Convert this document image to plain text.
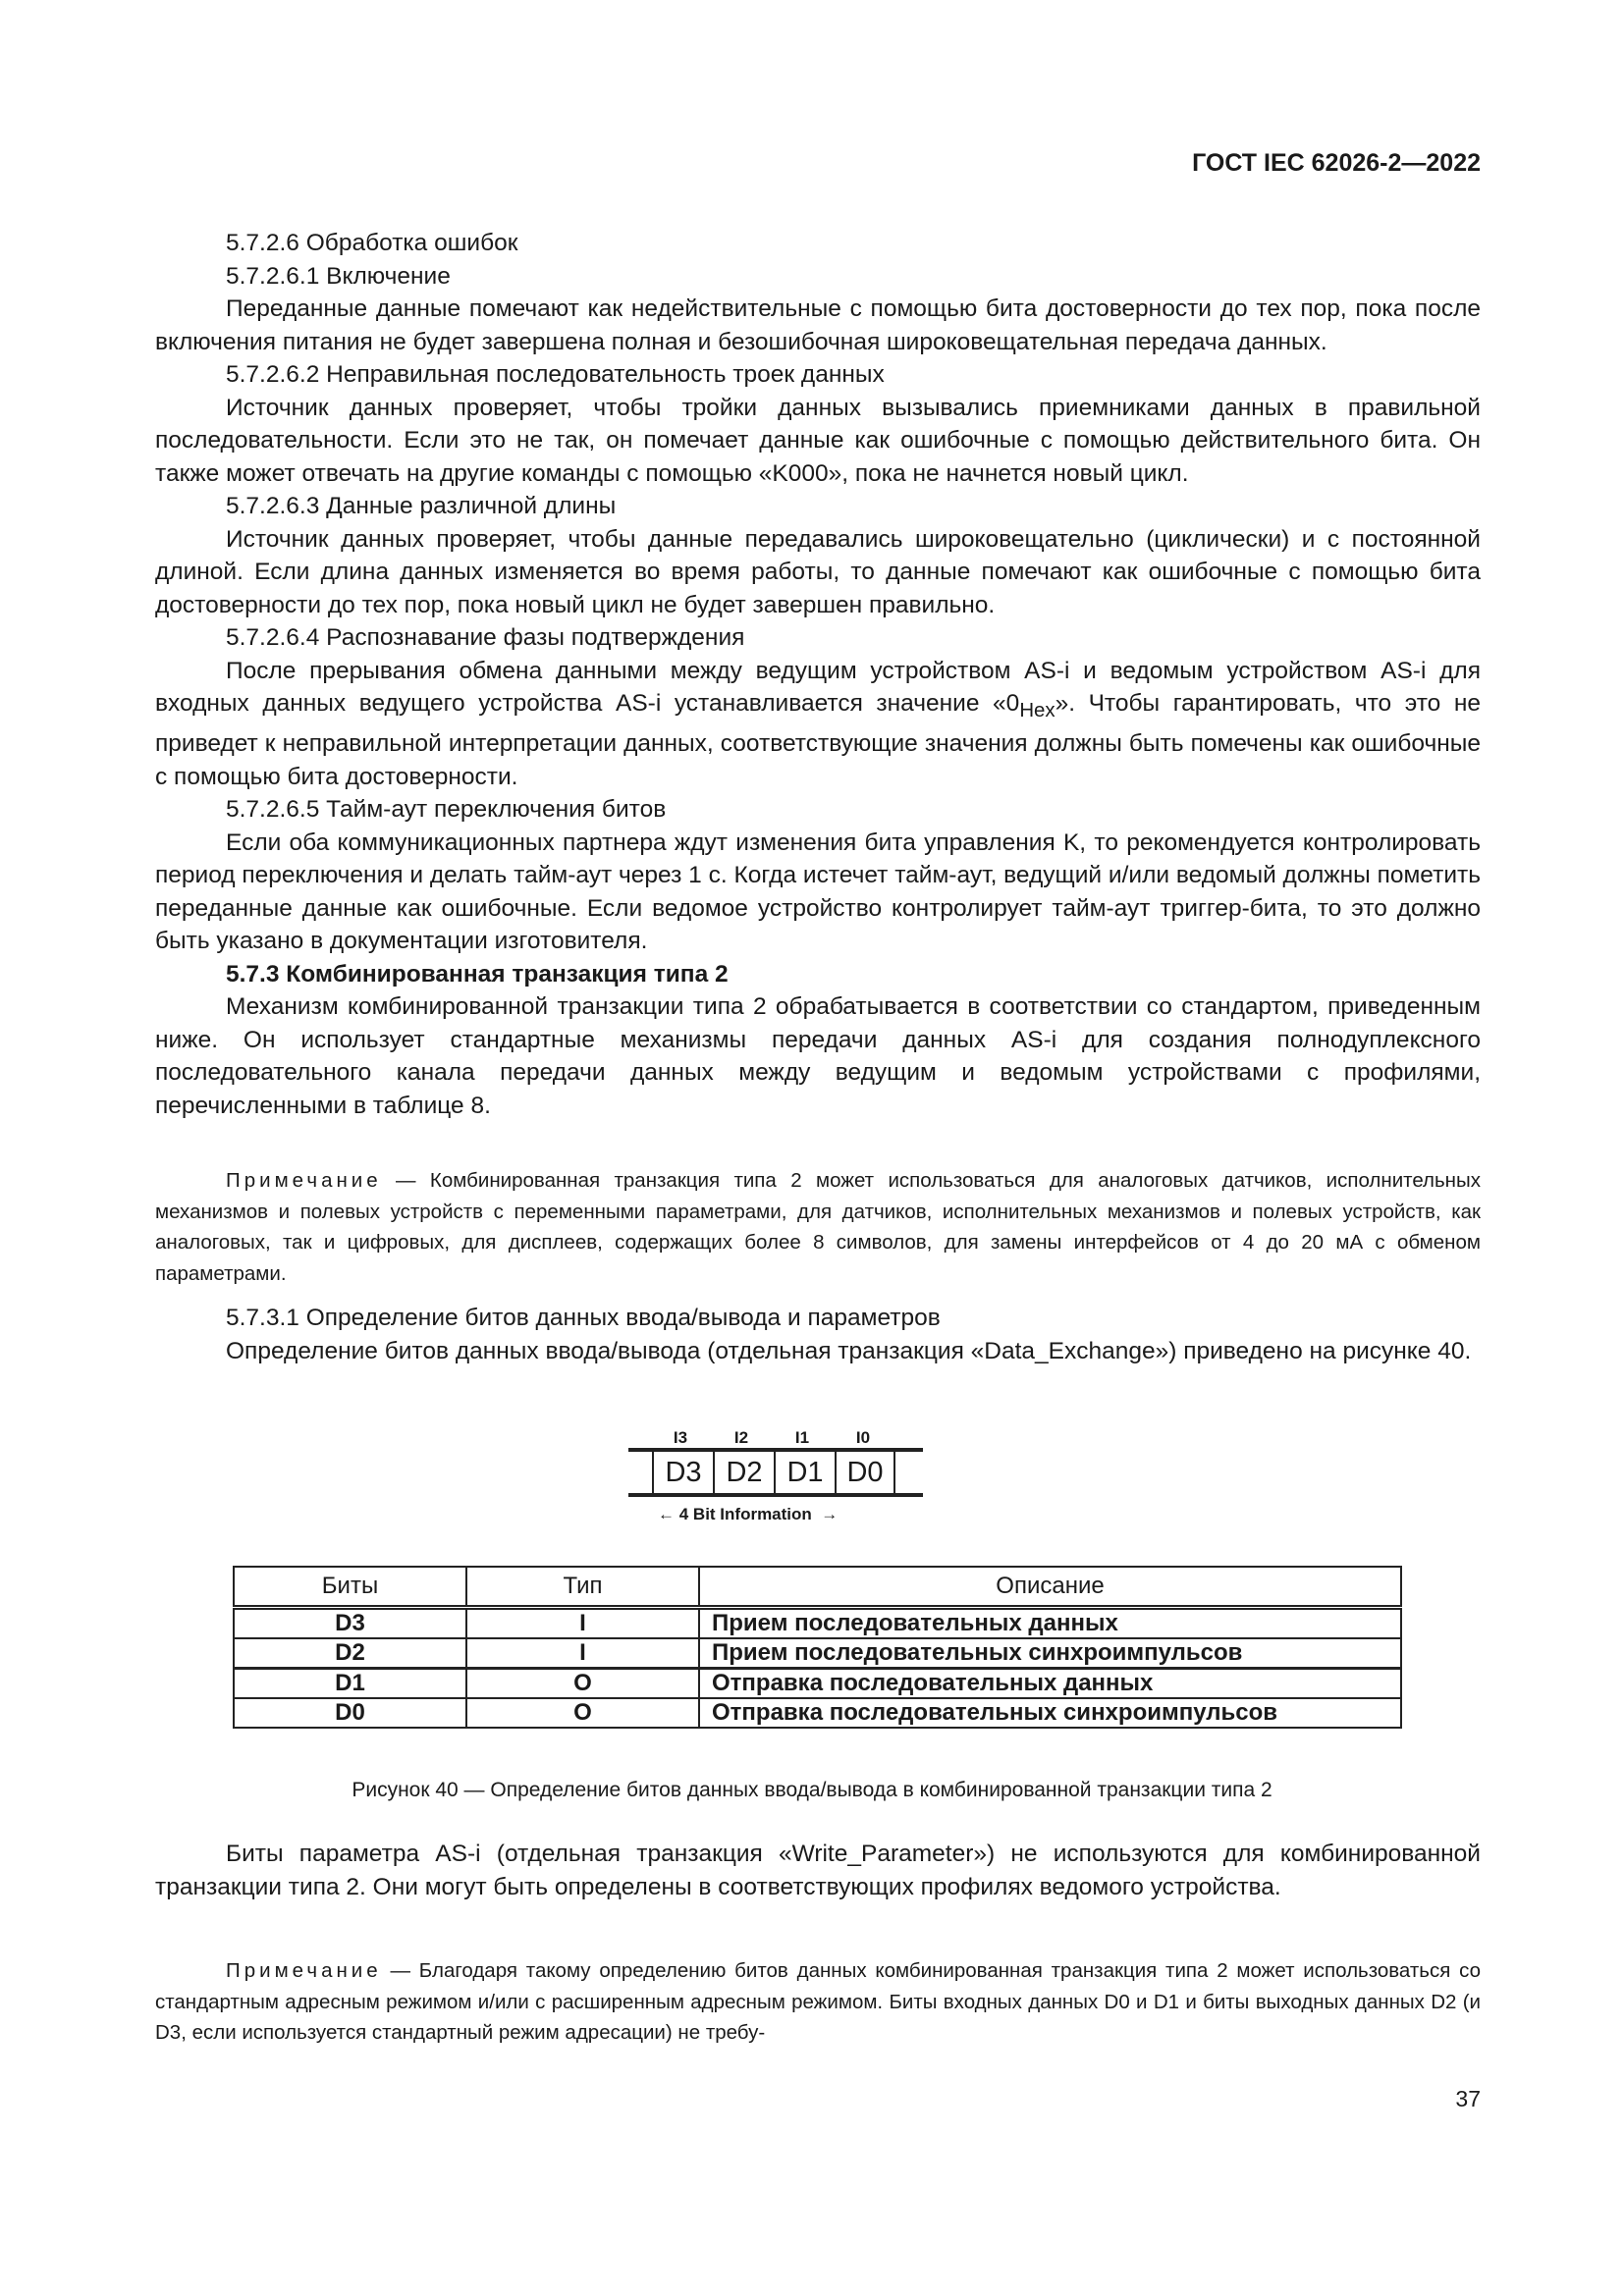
ГОСТ IEC 62026-2—2022

5.7.2.6 Обработка ошибок

5.7.2.6.1 Включение

Переданные данные помечают как недействительные с помощью бита достоверности до тех пор, пока после включения питания не будет завершена полная и безошибочная широковещательная передача данных.

5.7.2.6.2 Неправильная последовательность троек данных

Источник данных проверяет, чтобы тройки данных вызывались приемниками данных в правильной последовательности. Если это не так, он помечает данные как ошибочные с помощью действительного бита. Он также может отвечать на другие команды с помощью «K000», пока не начнется новый цикл.

5.7.2.6.3 Данные различной длины

Источник данных проверяет, чтобы данные передавались широковещательно (циклически) и с постоянной длиной. Если длина данных изменяется во время работы, то данные помечают как ошибочные с помощью бита достоверности до тех пор, пока новый цикл не будет завершен правильно.

5.7.2.6.4 Распознавание фазы подтверждения

После прерывания обмена данными между ведущим устройством AS-i и ведомым устройством AS-i для входных данных ведущего устройства AS-i устанавливается значение «$0_{Hex}$». Чтобы гарантировать, что это не приведет к неправильной интерпретации данных, соответствующие значения должны быть помечены как ошибочные с помощью бита достоверности.

5.7.2.6.5 Тайм-аут переключения битов

Если оба коммуникационных партнера ждут изменения бита управления K, то рекомендуется контролировать период переключения и делать тайм-аут через 1 с. Когда истечет тайм-аут, ведущий и/или ведомый должны пометить переданные данные как ошибочные. Если ведомое устройство контролирует тайм-аут триггер-бита, то это должно быть указано в документации изготовителя.

5.7.3 Комбинированная транзакция типа 2

Механизм комбинированной транзакции типа 2 обрабатывается в соответствии со стандартом, приведенным ниже. Он использует стандартные механизмы передачи данных AS-i для создания полнодуплексного последовательного канала передачи данных между ведущим и ведомым устройствами с профилями, перечисленными в таблице 8.

Примечание — Комбинированная транзакция типа 2 может использоваться для аналоговых датчиков, исполнительных механизмов и полевых устройств с переменными параметрами, для датчиков, исполнительных механизмов и полевых устройств, как аналоговых, так и цифровых, для дисплеев, содержащих более 8 символов, для замены интерфейсов от 4 до 20 мА с обменом параметрами.

5.7.3.1 Определение битов данных ввода/вывода и параметров

Определение битов данных ввода/вывода (отдельная транзакция «Data_Exchange») приведено на рисунке 40.

I3	I2	I1	I0
D3 D2 D1 D0
← 4 Bit Information →
Биты	Тип	Описание
D3	I	Прием последовательных данных
D2	I	Прием последовательных синхроимпульсов
D1	O	Отправка последовательных данных
D0	O	Отправка последовательных синхроимпульсов
Рисунок 40 — Определение битов данных ввода/вывода в комбинированной транзакции типа 2

Биты параметра AS-i (отдельная транзакция «Write_Parameter») не используются для комбинированной транзакции типа 2. Они могут быть определены в соответствующих профилях ведомого устройства.

Примечание — Благодаря такому определению битов данных комбинированная транзакция типа 2 может использоваться со стандартным адресным режимом и/или с расширенным адресным режимом. Биты входных данных D0 и D1 и биты выходных данных D2 (и D3, если используется стандартный режим адресации) не требу-

37
